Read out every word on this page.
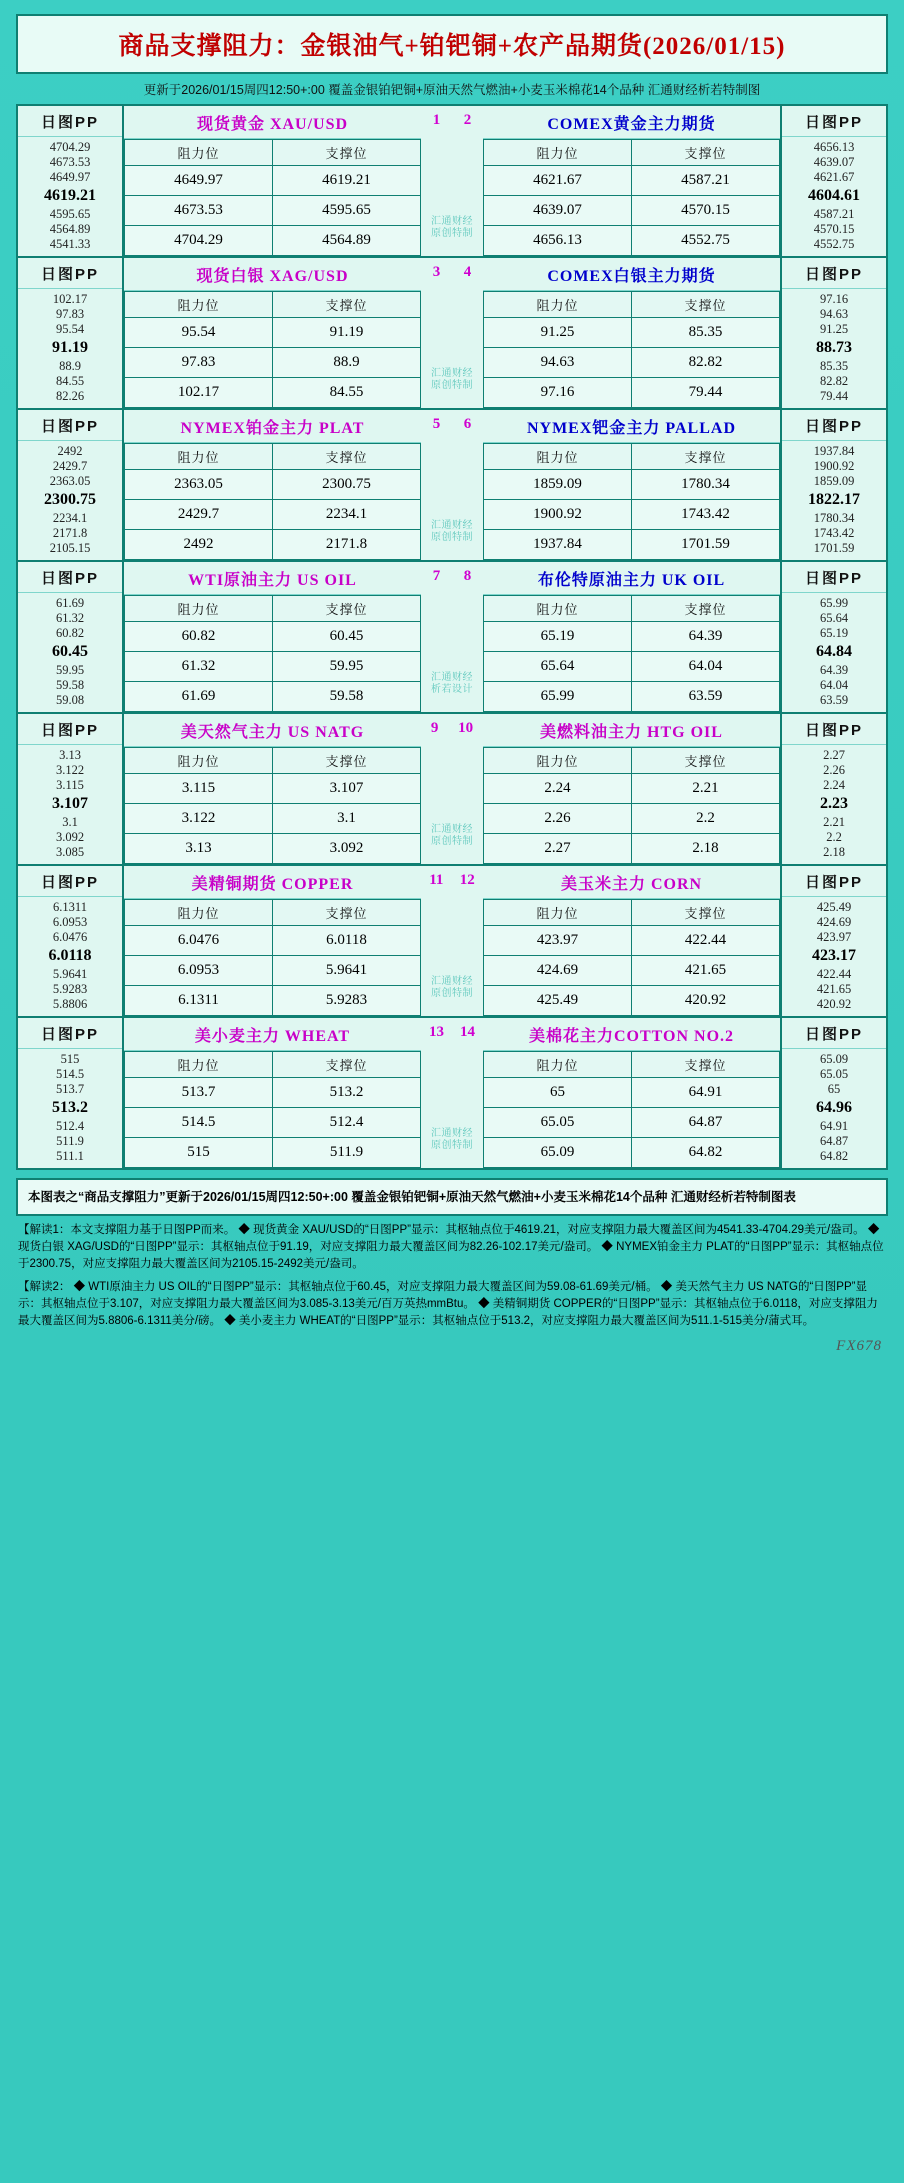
商品支撑阻力：金银油气+铂钯铜+农产品期货(2026/01/15)
更新于2026/01/15周四12:50+:00 覆盖金银铂钯铜+原油天然气燃油+小麦玉米棉花14个品种 汇通财经析若特制图
日图PP
4704.29
4673.53
4649.97
4619.21
4595.65
4564.89
4541.33
现货黄金 XAU/USD
阻力位	支撑位
4649.97	4619.21
4673.53	4595.65
4704.29	4564.89
1 2
汇通财经
原创特制
COMEX黄金主力期货
阻力位	支撑位
4621.67	4587.21
4639.07	4570.15
4656.13	4552.75
日图PP
4656.13
4639.07
4621.67
4604.61
4587.21
4570.15
4552.75
日图PP
102.17
97.83
95.54
91.19
88.9
84.55
82.26
现货白银 XAG/USD
阻力位	支撑位
95.54	91.19
97.83	88.9
102.17	84.55
3 4
汇通财经
原创特制
COMEX白银主力期货
阻力位	支撑位
91.25	85.35
94.63	82.82
97.16	79.44
日图PP
97.16
94.63
91.25
88.73
85.35
82.82
79.44
日图PP
2492
2429.7
2363.05
2300.75
2234.1
2171.8
2105.15
NYMEX铂金主力 PLAT
阻力位	支撑位
2363.05	2300.75
2429.7	2234.1
2492	2171.8
5 6
汇通财经
原创特制
NYMEX钯金主力 PALLAD
阻力位	支撑位
1859.09	1780.34
1900.92	1743.42
1937.84	1701.59
日图PP
1937.84
1900.92
1859.09
1822.17
1780.34
1743.42
1701.59
日图PP
61.69
61.32
60.82
60.45
59.95
59.58
59.08
WTI原油主力 US OIL
阻力位	支撑位
60.82	60.45
61.32	59.95
61.69	59.58
7 8
汇通财经
析若设计
布伦特原油主力 UK OIL
阻力位	支撑位
65.19	64.39
65.64	64.04
65.99	63.59
日图PP
65.99
65.64
65.19
64.84
64.39
64.04
63.59
日图PP
3.13
3.122
3.115
3.107
3.1
3.092
3.085
美天然气主力 US NATG
阻力位	支撑位
3.115	3.107
3.122	3.1
3.13	3.092
9 10
汇通财经
原创特制
美燃料油主力 HTG OIL
阻力位	支撑位
2.24	2.21
2.26	2.2
2.27	2.18
日图PP
2.27
2.26
2.24
2.23
2.21
2.2
2.18
日图PP
6.1311
6.0953
6.0476
6.0118
5.9641
5.9283
5.8806
美精铜期货 COPPER
阻力位	支撑位
6.0476	6.0118
6.0953	5.9641
6.1311	5.9283
11 12
汇通财经
原创特制
美玉米主力 CORN
阻力位	支撑位
423.97	422.44
424.69	421.65
425.49	420.92
日图PP
425.49
424.69
423.97
423.17
422.44
421.65
420.92
日图PP
515
514.5
513.7
513.2
512.4
511.9
511.1
美小麦主力 WHEAT
阻力位	支撑位
513.7	513.2
514.5	512.4
515	511.9
13 14
汇通财经
原创特制
美棉花主力COTTON NO.2
阻力位	支撑位
65	64.91
65.05	64.87
65.09	64.82
日图PP
65.09
65.05
65
64.96
64.91
64.87
64.82
本图表之“商品支撑阻力”更新于2026/01/15周四12:50+:00 覆盖金银铂钯铜+原油天然气燃油+小麦玉米棉花14个品种 汇通财经析若特制图表

【解读1：本文支撑阻力基于日图PP而来。 ◆ 现货黄金 XAU/USD的“日图PP”显示：其枢轴点位于4619.21，对应支撑阻力最大覆盖区间为4541.33-4704.29美元/盎司。 ◆ 现货白银 XAG/USD的“日图PP”显示：其枢轴点位于91.19，对应支撑阻力最大覆盖区间为82.26-102.17美元/盎司。 ◆ NYMEX铂金主力 PLAT的“日图PP”显示：其枢轴点位于2300.75，对应支撑阻力最大覆盖区间为2105.15-2492美元/盎司。

【解读2： ◆ WTI原油主力 US OIL的“日图PP”显示：其枢轴点位于60.45，对应支撑阻力最大覆盖区间为59.08-61.69美元/桶。 ◆ 美天然气主力 US NATG的“日图PP”显示：其枢轴点位于3.107，对应支撑阻力最大覆盖区间为3.085-3.13美元/百万英热mmBtu。 ◆ 美精铜期货 COPPER的“日图PP”显示：其枢轴点位于6.0118，对应支撑阻力最大覆盖区间为5.8806-6.1311美分/磅。 ◆ 美小麦主力 WHEAT的“日图PP”显示：其枢轴点位于513.2，对应支撑阻力最大覆盖区间为511.1-515美分/蒲式耳。

FX678
